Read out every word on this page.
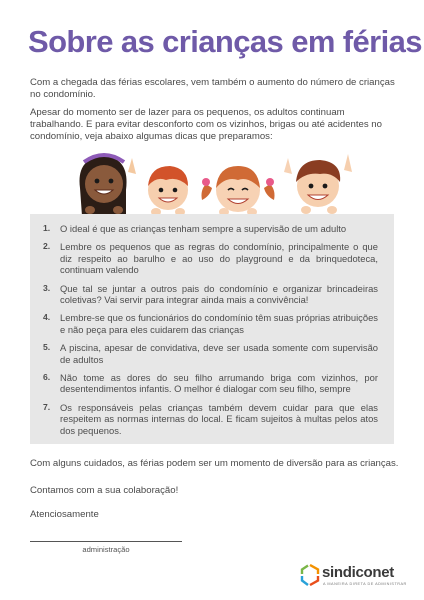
Sobre as crianças em férias
Com a chegada das férias escolares, vem também o aumento do número de crianças no condomínio.
Apesar do momento ser de lazer para os pequenos, os adultos continuam trabalhando. E para evitar desconforto com os vizinhos, brigas ou até acidentes no condomínio, veja abaixo algumas dicas que preparamos:
1. O ideal é que as crianças tenham sempre a supervisão de um adulto
2. Lembre os pequenos que as regras do condomínio, principalmente o que diz respeito ao barulho e ao uso do playground e da brinquedoteca, continuam valendo
3. Que tal se juntar a outros pais do condomínio e organizar brincadeiras coletivas? Vai servir para integrar ainda mais a convivência!
4. Lembre-se que os funcionários do condomínio têm suas próprias atribuições e não peça para eles cuidarem das crianças
5. A piscina, apesar de convidativa, deve ser usada somente com supervisão de adultos
6. Não tome as dores do seu filho arrumando briga com vizinhos, por desentendimentos infantis. O melhor é dialogar com seu filho, sempre
7. Os responsáveis pelas crianças também devem cuidar para que elas respeitem as normas internas do local. E ficam sujeitos à multas pelos atos dos pequenos.
Com alguns cuidados, as férias podem ser um momento de diversão para as crianças.
Contamos com a sua colaboração!
Atenciosamente
administração
sindiconet
A MANEIRA DIRETA DE ADMINISTRAR
